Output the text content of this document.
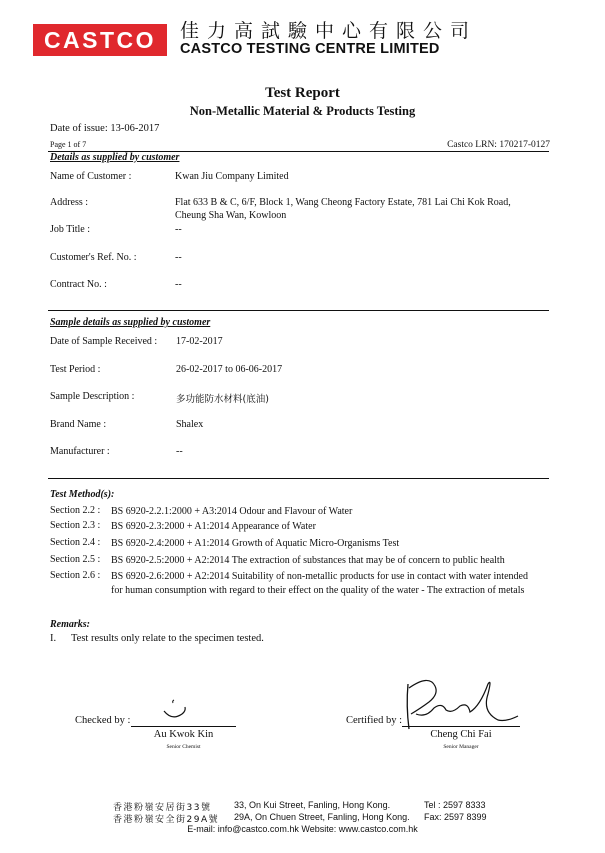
CASTCO	佳力高試驗中心有限公司
CASTCO TESTING CENTRE LIMITED
Test Report
Non-Metallic Material & Products Testing
Date of issue: 13-06-2017
Page 1 of 7	Castco LRN: 170217-0127
Details as supplied by customer
Name of Customer :	Kwan Jiu Company Limited
Address :	Flat 633 B & C, 6/F, Block 1, Wang Cheong Factory Estate, 781 Lai Chi Kok Road,
Cheung Sha Wan, Kowloon
Job Title :	--
Customer's Ref. No. :	--
Contract No. :	--
Sample details as supplied by customer
Date of Sample Received : 17-02-2017
Test Period :	26-02-2017 to 06-06-2017
Sample Description :	多功能防水材料(底油)
Brand Name :	Shalex
Manufacturer :	--
Test Method(s):
Section 2.2 : BS 6920-2.2.1:2000 + A3:2014 Odour and Flavour of Water
Section 2.3 : BS 6920-2.3:2000 + A1:2014 Appearance of Water
Section 2.4 : BS 6920-2.4:2000 + A1:2014 Growth of Aquatic Micro-Organisms Test
Section 2.5 : BS 6920-2.5:2000 + A2:2014 The extraction of substances that may be of concern to public health
Section 2.6 : BS 6920-2.6:2000 + A2:2014 Suitability of non-metallic products for use in contact with water intended
for human consumption with regard to their effect on the quality of the water - The extraction of metals
Remarks:
I. Test results only relate to the specimen tested.
Checked by :
Au Kwok Kin
Senior Chemist
Certified by :
Cheng Chi Fai
Senior Manager
香港粉嶺安居街33號	33, On Kui Street, Fanling, Hong Kong.	Tel : 2597 8333
香港粉嶺安全街29A號 29A, On Chuen Street, Fanling, Hong Kong. Fax: 2597 8399
E-mail: info@castco.com.hk Website: www.castco.com.hk
